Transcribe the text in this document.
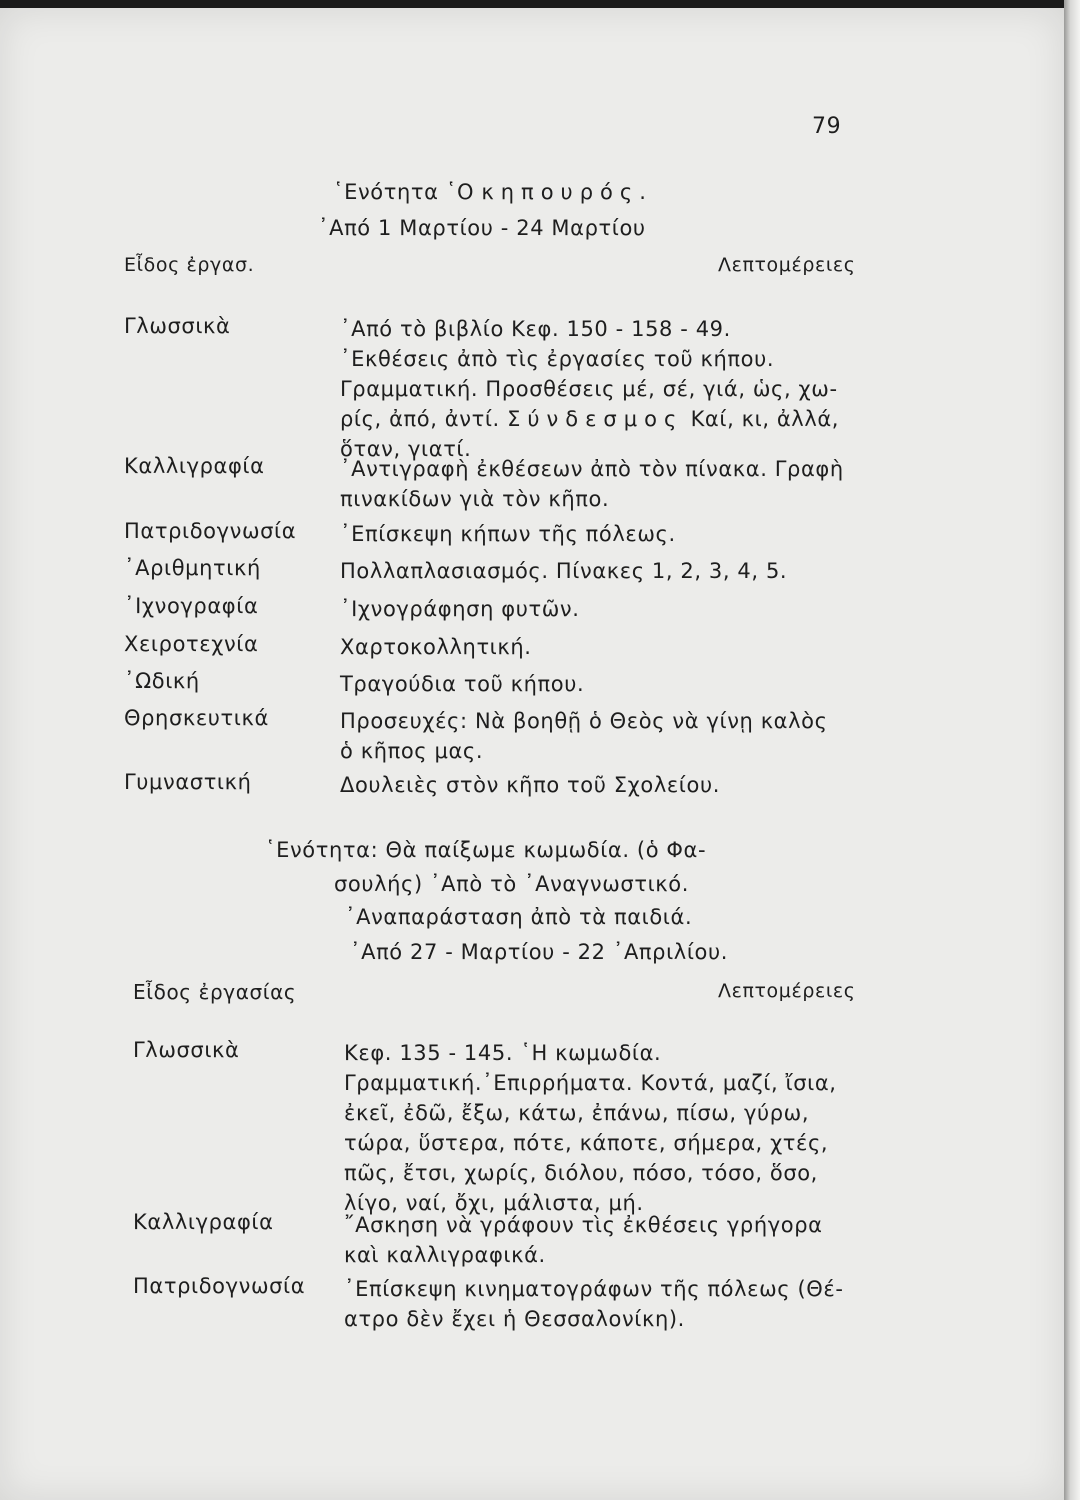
79
῾Ενότητα ῾Ο κηπουρός.
᾿Από 1 Μαρτίου - 24 Μαρτίου
Εἶδος ἐργασ.	Λεπτομέρειες
Γλωσσικὰ	᾿Από τὸ βιβλίο Κεφ. 150 - 158 - 49.
᾿Εκθέσεις ἀπὸ τὶς ἐργασίες τοῦ κήπου.
Γραμματική. Προσθέσεις μέ, σέ, γιά, ὡς, χω-
ρίς, ἀπό, ἀντί. Σύνδεσμος Καί, κι, ἀλλά,
ὅταν, γιατί.
Καλλιγραφία	᾿Αντιγραφὴ ἐκθέσεων ἀπὸ τὸν πίνακα. Γραφὴ
πινακίδων γιὰ τὸν κῆπο.
Πατριδογνωσία ᾿Επίσκεψη κήπων τῆς πόλεως.
᾿Αριθμητική	Πολλαπλασιασμός. Πίνακες 1, 2, 3, 4, 5.
᾿Ιχνογραφία	᾿Ιχνογράφηση φυτῶν.
Χειροτεχνία	Χαρτοκολλητική.
᾿Ωδική	Τραγούδια τοῦ κήπου.
Θρησκευτικά	Προσευχές: Νὰ βοηθῇ ὁ Θεὸς νὰ γίνῃ καλὸς
ὁ κῆπος μας.
Γυμναστική	Δουλειὲς στὸν κῆπο τοῦ Σχολείου.
῾Ενότητα: Θὰ παίξωμε κωμωδία. (ὁ Φα-
σουλής) ᾿Απὸ τὸ ᾿Αναγνωστικό.
᾿Αναπαράσταση ἀπὸ τὰ παιδιά.
᾿Από 27 - Μαρτίου - 22 ᾿Απριλίου.
Εἶδος ἐργασίας	Λεπτομέρειες
Γλωσσικὰ	Κεφ. 135 - 145. ῾Η κωμωδία.
Γραμματική.᾿Επιρρήματα. Κοντά, μαζί, ἴσια,
ἐκεῖ, ἐδῶ, ἔξω, κάτω, ἐπάνω, πίσω, γύρω,
τώρα, ὕστερα, πότε, κάποτε, σήμερα, χτές,
πῶς, ἔτσι, χωρίς, διόλου, πόσο, τόσο, ὅσο,
λίγο, ναί, ὄχι, μάλιστα, μή.
Καλλιγραφία	῎Ασκηση νὰ γράφουν τὶς ἐκθέσεις γρήγορα
καὶ καλλιγραφικά.
Πατριδογνωσία ᾿Επίσκεψη κινηματογράφων τῆς πόλεως (Θέ-
ατρο δὲν ἔχει ἡ Θεσσαλονίκη).
